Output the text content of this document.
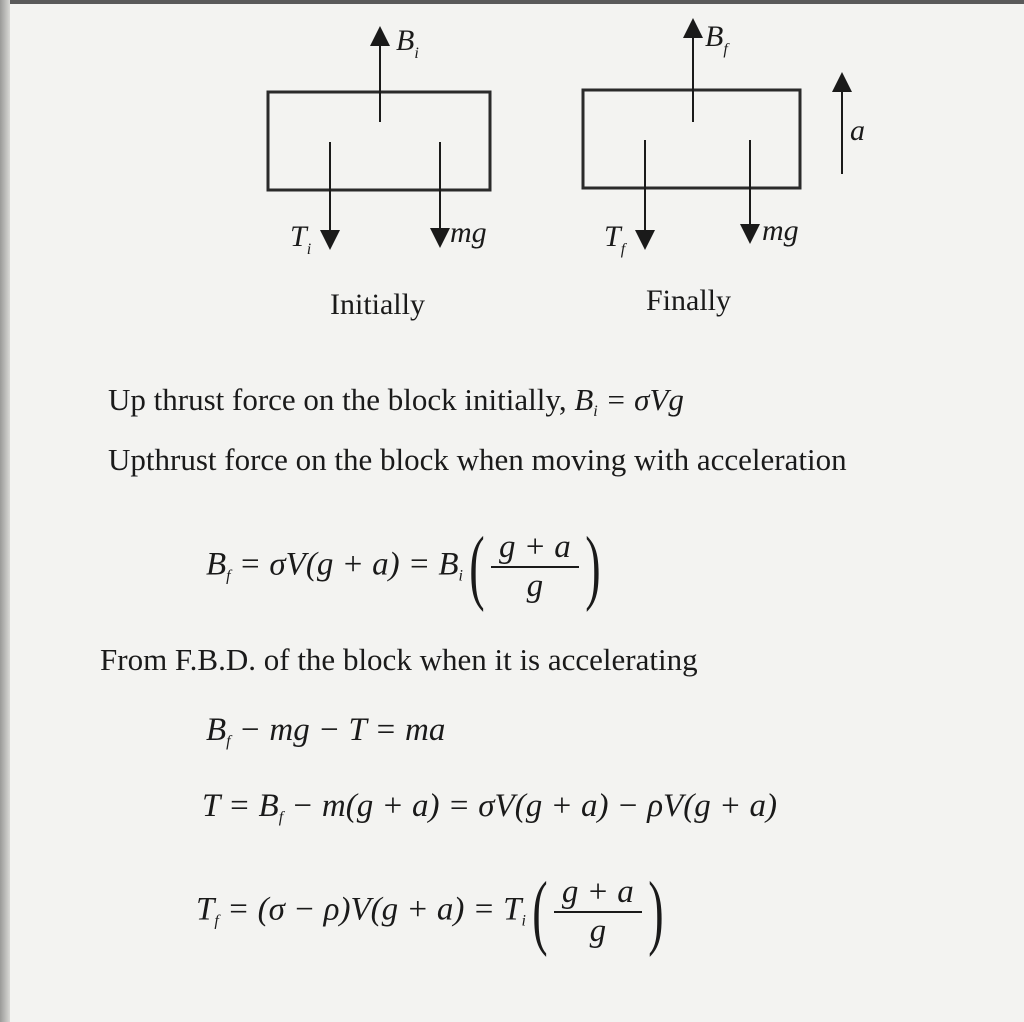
$B_i$
$T_i$
mg
Initially
$B_f$
$T_f$
mg
Finally
a
Up thrust force on the block initially, $B_i = \sigma Vg$
Upthrust force on the block when moving with acceleration
$B_f = \sigma V(g + a) = B_i( \frac{g + a}{g}$ )
From F.B.D. of the block when it is accelerating
$B_f$ − mg − T = ma
$T = B_f - m(g + a) = \sigma V(g + a) - \rho V(g + a)$
$T_f = (\sigma - \rho)V(g + a) = T_i( \frac{g + a}{g}$ )
